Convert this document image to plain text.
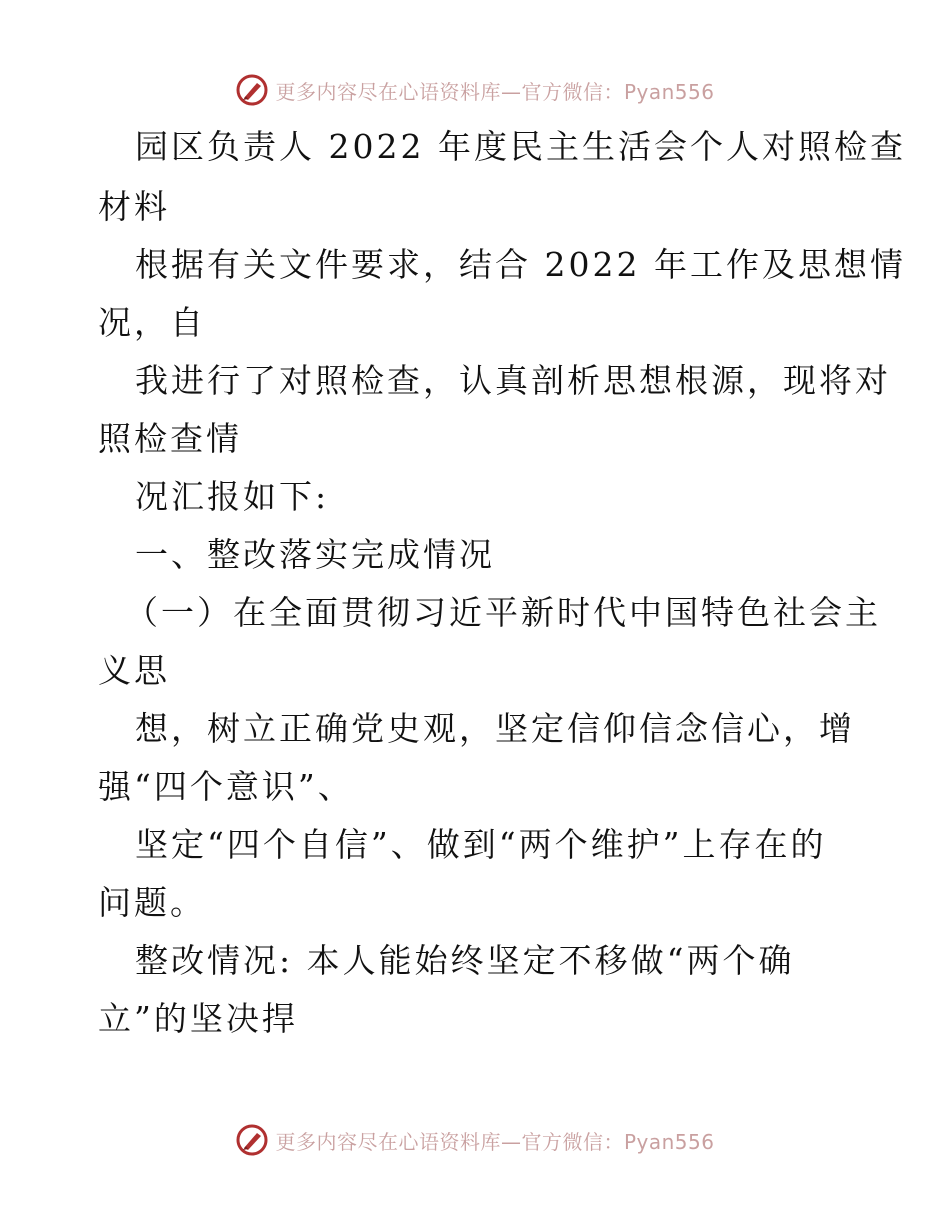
更多内容尽在心语资料库—官方微信：Pyan556
园区负责人 2022 年度民主生活会个人对照检查
材料
根据有关文件要求，结合 2022 年工作及思想情
况，自
我进行了对照检查，认真剖析思想根源，现将对
照检查情
况汇报如下:
一、整改落实完成情况
（一）在全面贯彻习近平新时代中国特色社会主
义思
想，树立正确党史观，坚定信仰信念信心，增
强“四个意识”、
坚定“四个自信”、做到“两个维护”上存在的
问题。
整改情况: 本人能始终坚定不移做“两个确
立”的坚决捍
更多内容尽在心语资料库—官方微信：Pyan556
